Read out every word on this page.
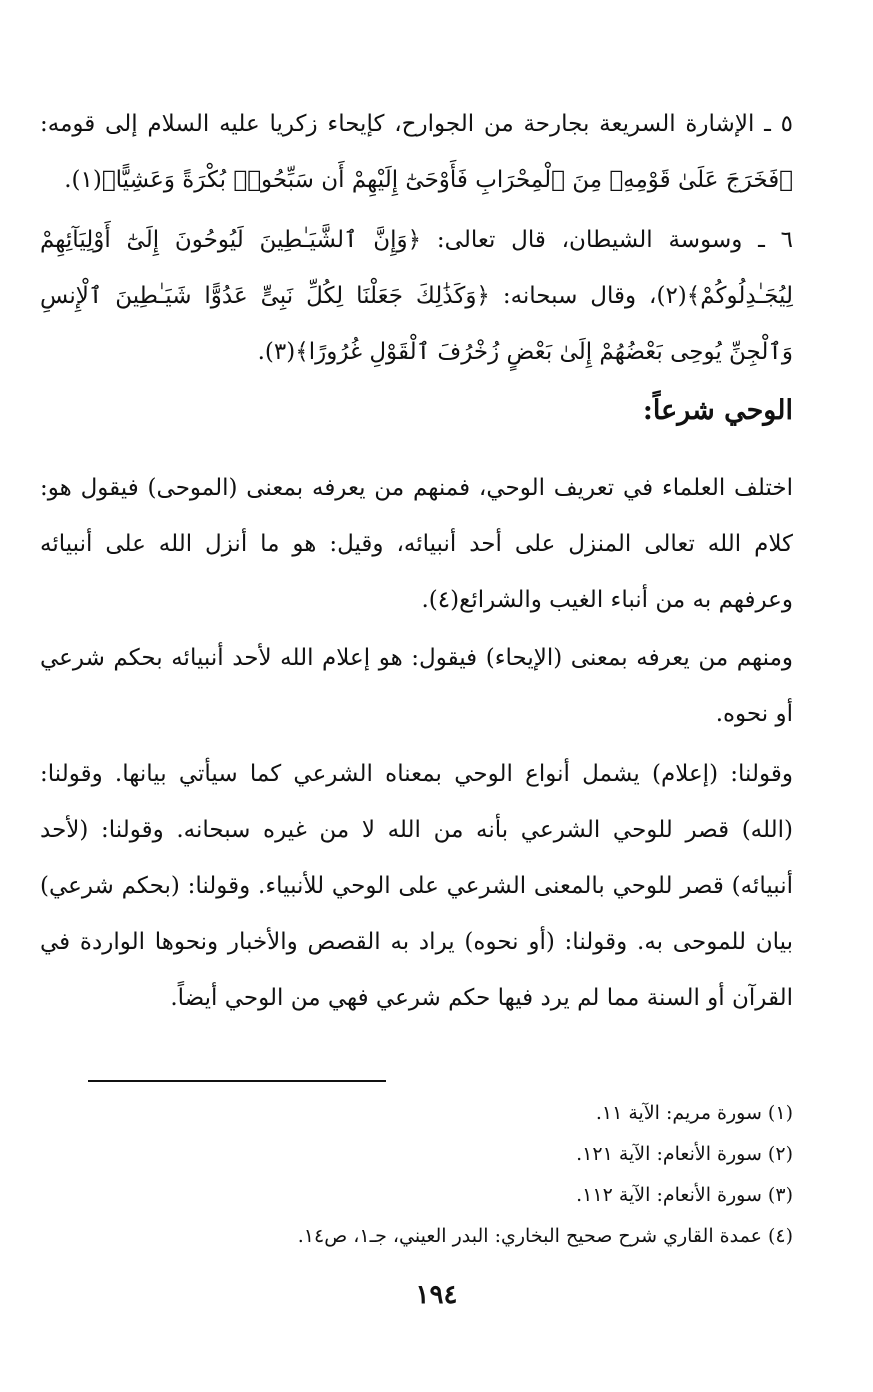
٥ ـ الإشارة السريعة بجارحة من الجوارح، كإيحاء زكريا عليه السلام إلى قومه: ﴿فَخَرَجَ عَلَىٰ قَوْمِهِۦ مِنَ ٱلْمِحْرَابِ فَأَوْحَىٰٓ إِلَيْهِمْ أَن سَبِّحُوا۟ بُكْرَةً وَعَشِيًّا﴾(١).

٦ ـ وسوسة الشيطان، قال تعالى: ﴿وَإِنَّ ٱلشَّيَـٰطِينَ لَيُوحُونَ إِلَىٰٓ أَوْلِيَآئِهِمْ لِيُجَـٰدِلُوكُمْ﴾(٢)، وقال سبحانه: ﴿وَكَذَٰلِكَ جَعَلْنَا لِكُلِّ نَبِىٍّ عَدُوًّا شَيَـٰطِينَ ٱلْإِنسِ وَٱلْجِنِّ يُوحِى بَعْضُهُمْ إِلَىٰ بَعْضٍ زُخْرُفَ ٱلْقَوْلِ غُرُورًا﴾(٣).

الوحي شرعاً:

اختلف العلماء في تعريف الوحي، فمنهم من يعرفه بمعنى (الموحى) فيقول هو: كلام الله تعالى المنزل على أحد أنبيائه، وقيل: هو ما أنزل الله على أنبيائه وعرفهم به من أنباء الغيب والشرائع(٤).

ومنهم من يعرفه بمعنى (الإيحاء) فيقول: هو إعلام الله لأحد أنبيائه بحكم شرعي أو نحوه.

وقولنا: (إعلام) يشمل أنواع الوحي بمعناه الشرعي كما سيأتي بيانها. وقولنا: (الله) قصر للوحي الشرعي بأنه من الله لا من غيره سبحانه. وقولنا: (لأحد أنبيائه) قصر للوحي بالمعنى الشرعي على الوحي للأنبياء. وقولنا: (بحكم شرعي) بيان للموحى به. وقولنا: (أو نحوه) يراد به القصص والأخبار ونحوها الواردة في القرآن أو السنة مما لم يرد فيها حكم شرعي فهي من الوحي أيضاً.

(١) سورة مريم: الآية ١١.

(٢) سورة الأنعام: الآية ١٢١.

(٣) سورة الأنعام: الآية ١١٢.

(٤) عمدة القاري شرح صحيح البخاري: البدر العيني، جـ١، ص١٤.

١٩٤
